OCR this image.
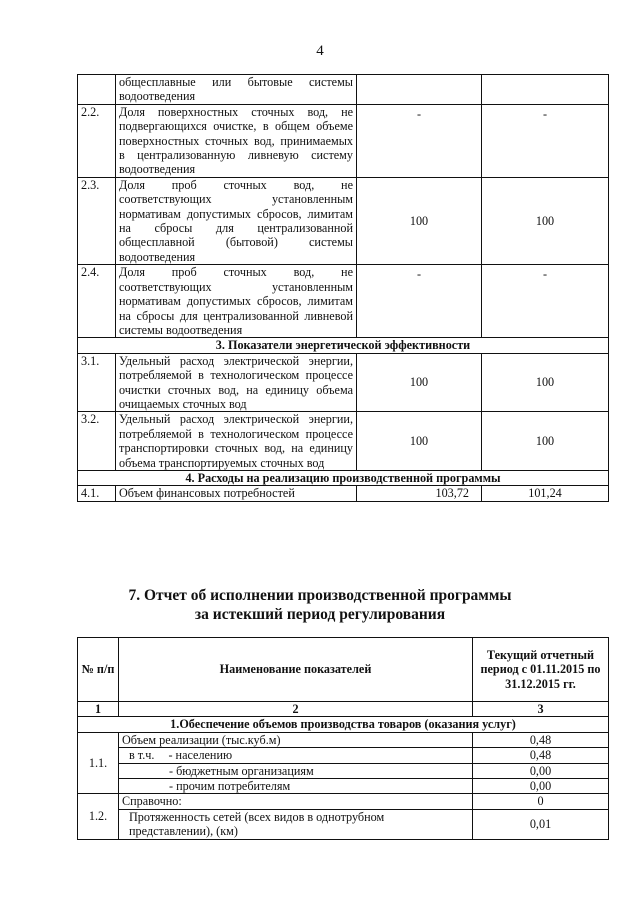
4
	общесплавные или бытовые системы водоотведения		
2.2.	Доля поверхностных сточных вод, не подвергающихся очистке, в общем объеме поверхностных сточных вод, принимаемых в централизованную ливневую систему водоотведения	-	-
2.3.	Доля проб сточных вод, не соответствующих установленным нормативам допустимых сбросов, лимитам на сбросы для централизованной общесплавной (бытовой) системы водоотведения	100	100
2.4.	Доля проб сточных вод, не соответствующих установленным нормативам допустимых сбросов, лимитам на сбросы для централизованной ливневой системы водоотведения	-	-
3. Показатели энергетической эффективности			
3.1.	Удельный расход электрической энергии, потребляемой в технологическом процессе очистки сточных вод, на единицу объема очищаемых сточных вод	100	100
3.2.	Удельный расход электрической энергии, потребляемой в технологическом процессе транспортировки сточных вод, на единицу объема транспортируемых сточных вод	100	100
4. Расходы на реализацию производственной программы			
4.1.	Объем финансовых потребностей	103,72	101,24
7. Отчет об исполнении производственной программы
за истекший период регулирования
№ п/п	Наименование показателей	Текущий отчетный период с 01.11.2015 по 31.12.2015 гг.
1	2	3
1.Обеспечение объемов производства товаров (оказания услуг)		
1.1.	Объем реализации (тыс.куб.м)	0,48
	в т.ч. - населению	0,48
	- бюджетным организациям	0,00
	- прочим потребителям	0,00
1.2.	Справочно:	0
	Протяженность сетей (всех видов в однотрубном представлении), (км)	0,01
